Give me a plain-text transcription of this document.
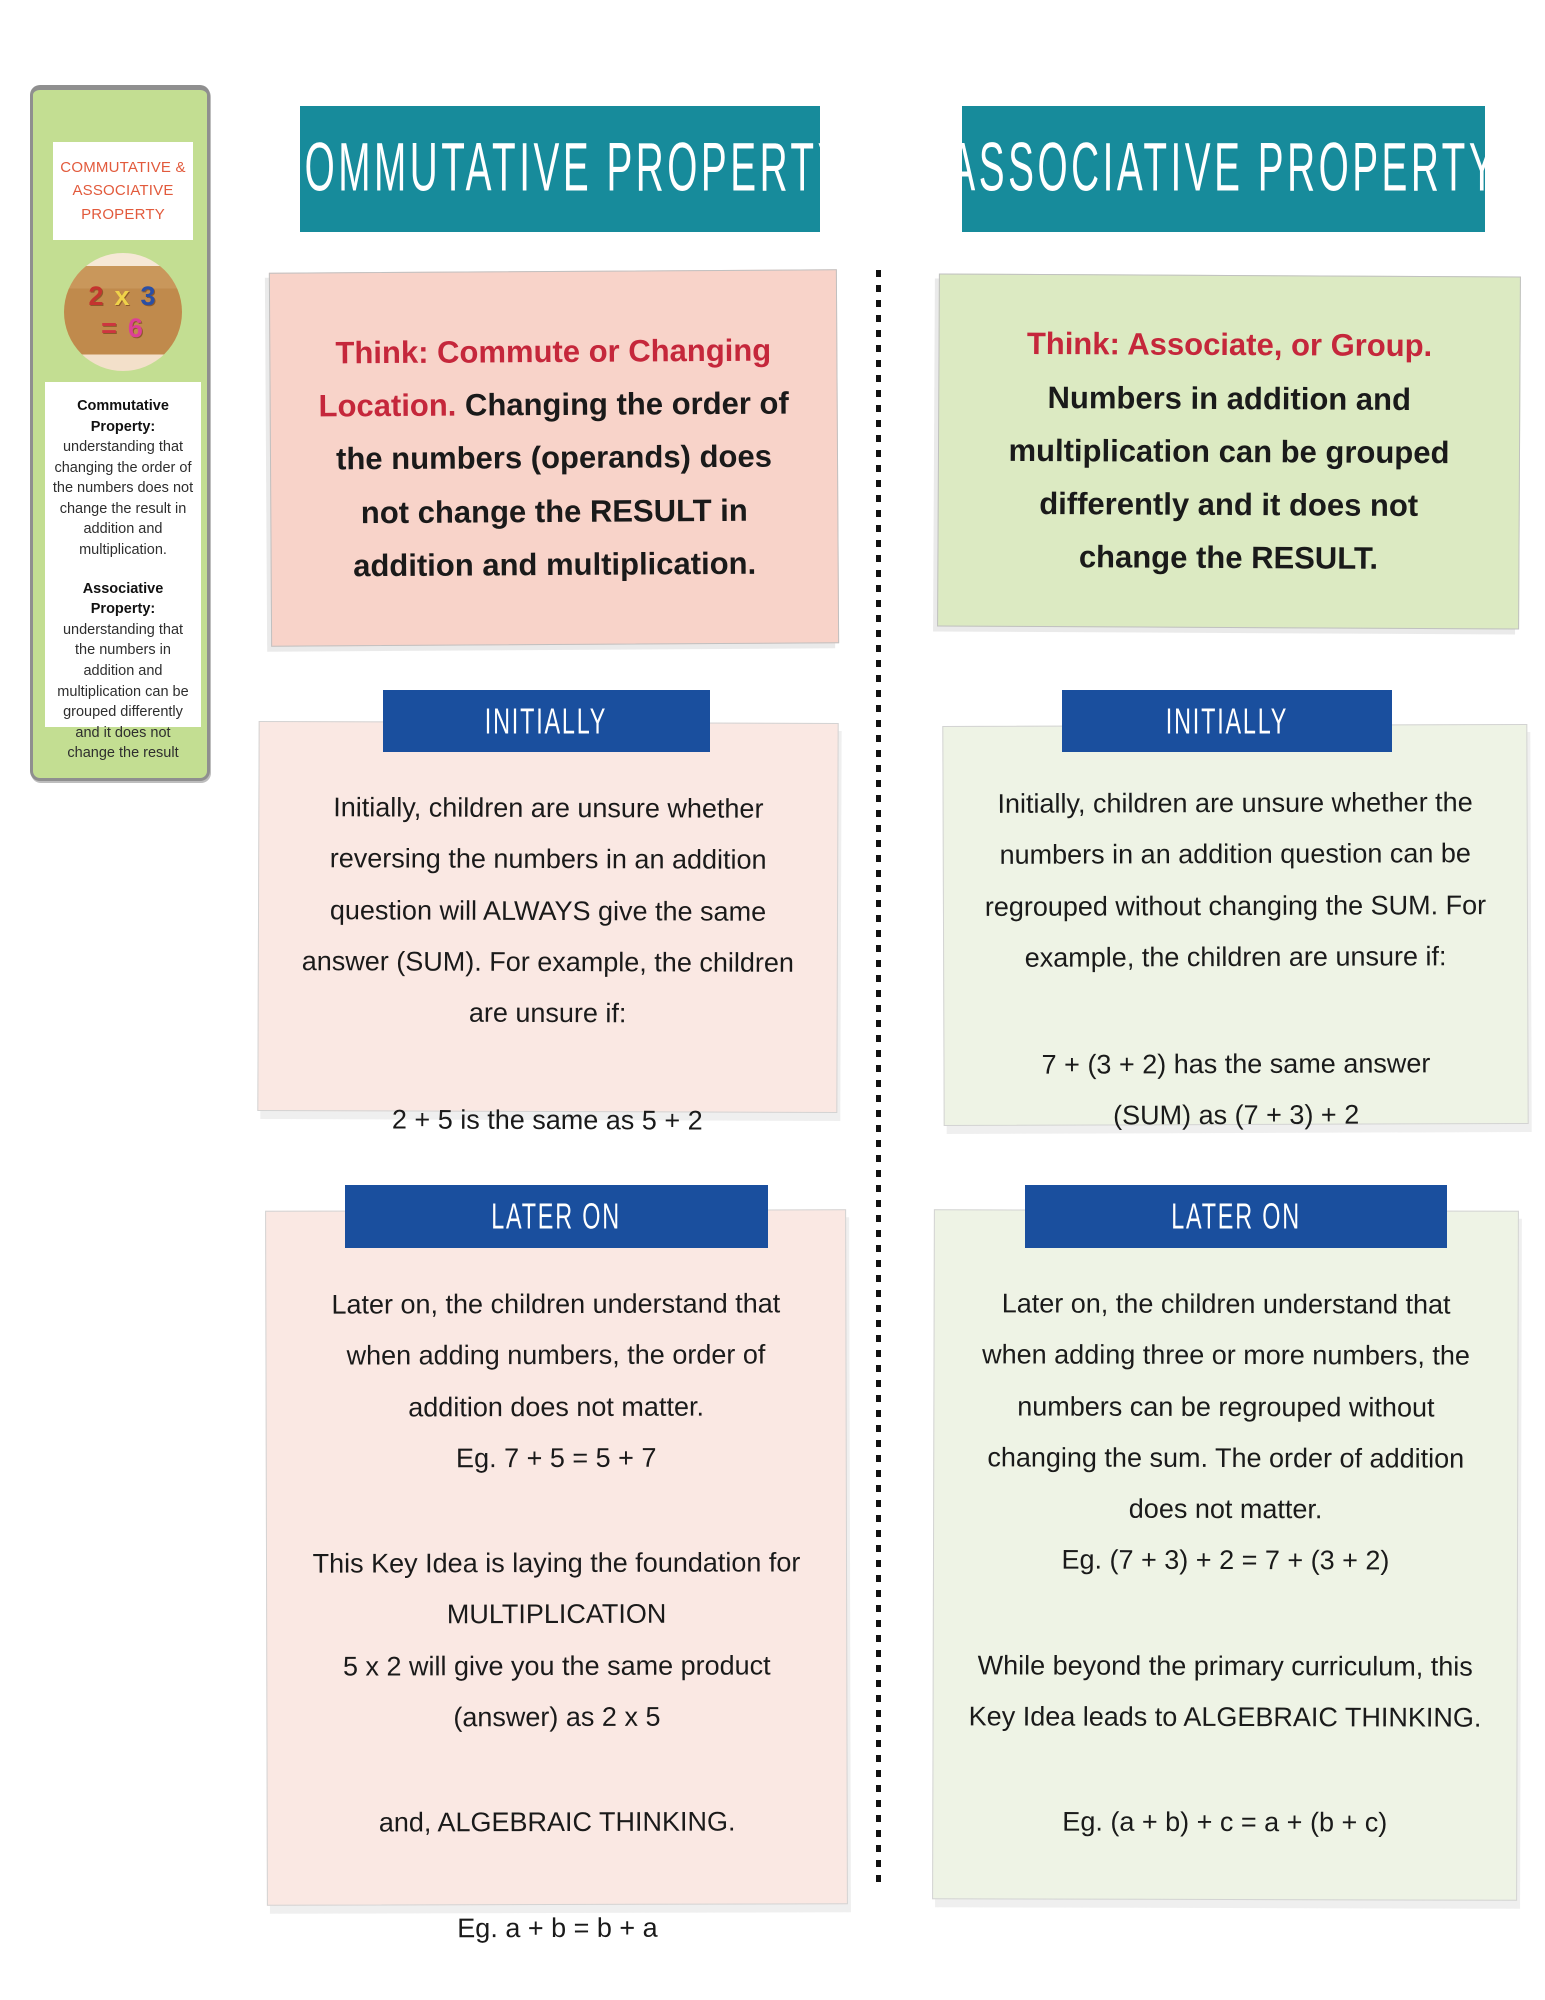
COMMUTATIVE & ASSOCIATIVE PROPERTY
2 x 3
= 6

Commutative Property:
understanding that changing the order of the numbers does not change the result in addition and multiplication.

Associative Property:
understanding that the numbers in addition and multiplication can be grouped differently and it does not change the result

COMMUTATIVE PROPERTY ASSOCIATIVE PROPERTY

Think: Commute or Changing Location. Changing the order of the numbers (operands) does not change the RESULT in addition and multiplication.

Think: Associate, or Group. Numbers in addition and multiplication can be grouped differently and it does not change the RESULT.

INITIALLY	INITIALLY

Initially, children are unsure whether reversing the numbers in an addition question will ALWAYS give the same answer (SUM). For example, the children are unsure if:

2 + 5 is the same as 5 + 2

Initially, children are unsure whether the numbers in an addition question can be regrouped without changing the SUM. For example, the children are unsure if:

7 + (3 + 2) has the same answer (SUM) as (7 + 3) + 2

LATER ON	LATER ON

Later on, the children understand that when adding numbers, the order of addition does not matter.

Eg. 7 + 5 = 5 + 7

This Key Idea is laying the foundation for MULTIPLICATION

5 x 2 will give you the same product (answer) as 2 x 5

and, ALGEBRAIC THINKING.

Eg. a + b = b + a

Later on, the children understand that when adding three or more numbers, the numbers can be regrouped without changing the sum. The order of addition does not matter.

Eg. (7 + 3) + 2 = 7 + (3 + 2)

While beyond the primary curriculum, this Key Idea leads to ALGEBRAIC THINKING.

Eg. (a + b) + c = a + (b + c)
